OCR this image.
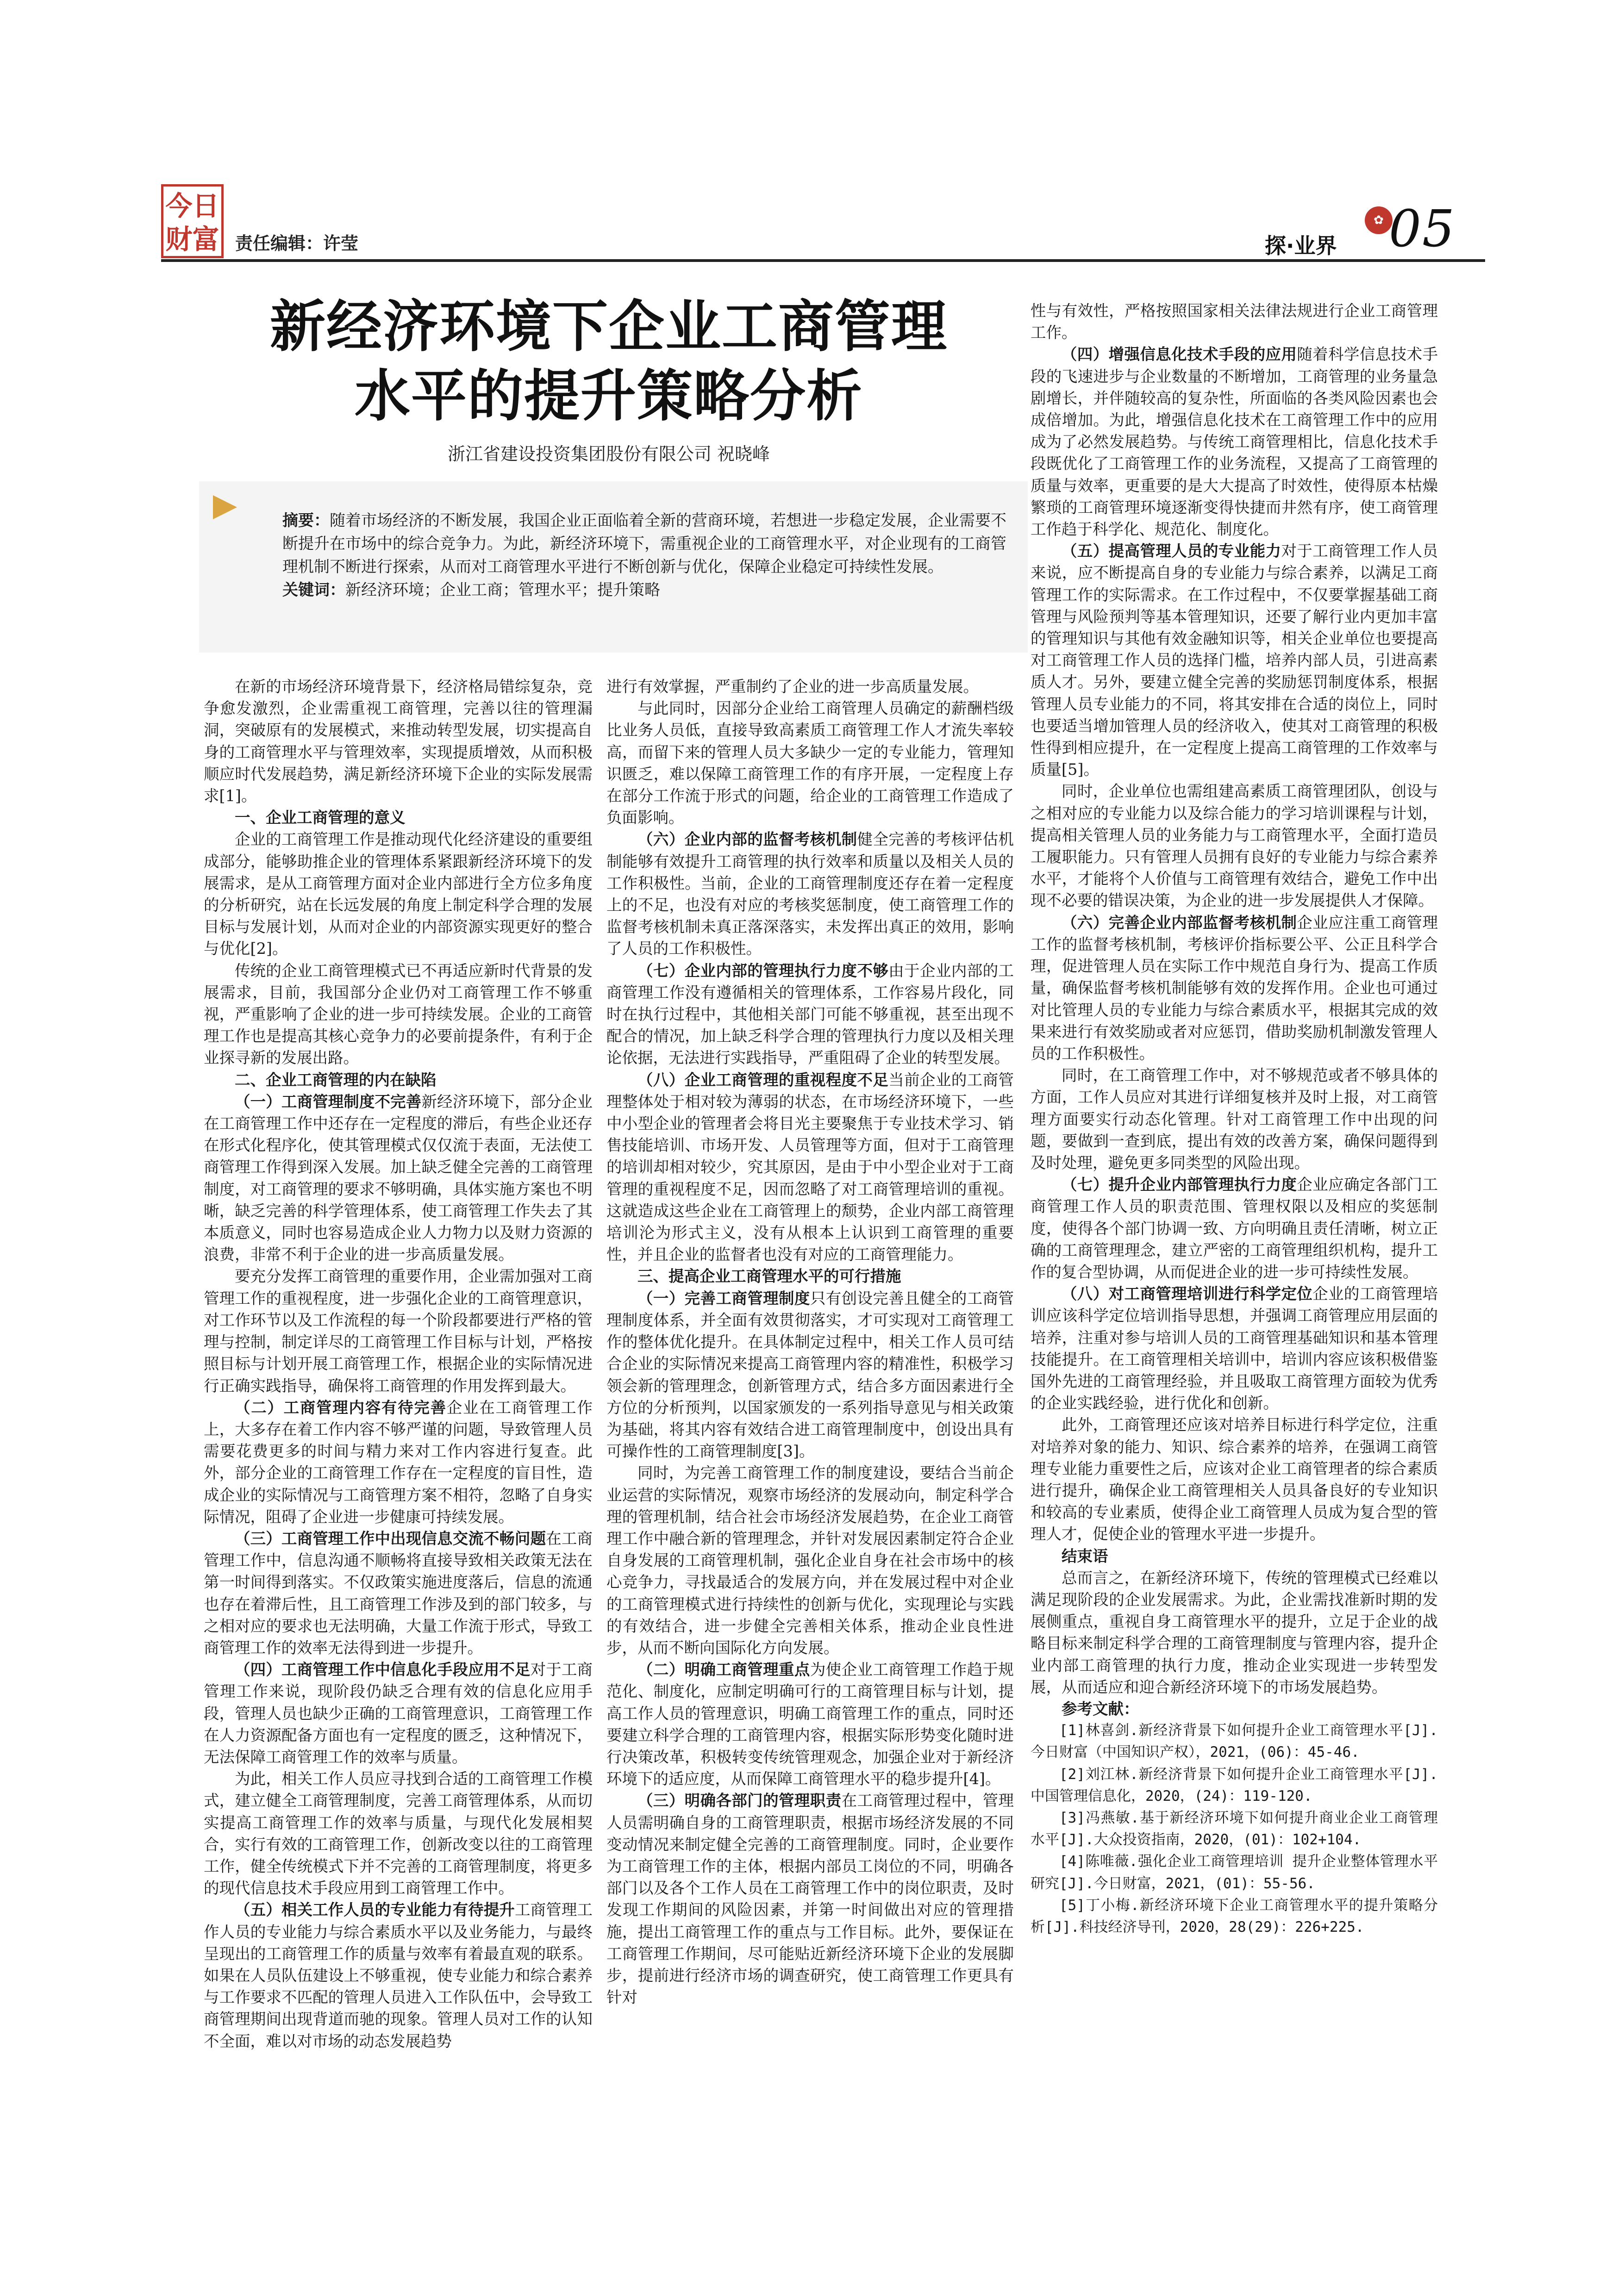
今日
财富 责任编辑：许莹	探·业界
✿ 05
新经济环境下企业工商管理
水平的提升策略分析
浙江省建设投资集团股份有限公司 祝晓峰

摘要：随着市场经济的不断发展，我国企业正面临着全新的营商环境，若想进一步稳定发展，企业需要不断提升在市场中的综合竞争力。为此，新经济环境下，需重视企业的工商管理水平，对企业现有的工商管理机制不断进行探索，从而对工商管理水平进行不断创新与优化，保障企业稳定可持续性发展。

关键词：新经济环境；企业工商；管理水平；提升策略

在新的市场经济环境背景下，经济格局错综复杂，竞争愈发激烈，企业需重视工商管理，完善以往的管理漏洞，突破原有的发展模式，来推动转型发展，切实提高自身的工商管理水平与管理效率，实现提质增效，从而积极顺应时代发展趋势，满足新经济环境下企业的实际发展需求[1]。

一、企业工商管理的意义

企业的工商管理工作是推动现代化经济建设的重要组成部分，能够助推企业的管理体系紧跟新经济环境下的发展需求，是从工商管理方面对企业内部进行全方位多角度的分析研究，站在长远发展的角度上制定科学合理的发展目标与发展计划，从而对企业的内部资源实现更好的整合与优化[2]。

传统的企业工商管理模式已不再适应新时代背景的发展需求，目前，我国部分企业仍对工商管理工作不够重视，严重影响了企业的进一步可持续发展。企业的工商管理工作也是提高其核心竞争力的必要前提条件，有利于企业探寻新的发展出路。

二、企业工商管理的内在缺陷

（一）工商管理制度不完善新经济环境下，部分企业在工商管理工作中还存在一定程度的滞后，有些企业还存在形式化程序化，使其管理模式仅仅流于表面，无法使工商管理工作得到深入发展。加上缺乏健全完善的工商管理制度，对工商管理的要求不够明确，具体实施方案也不明晰，缺乏完善的科学管理体系，使工商管理工作失去了其本质意义，同时也容易造成企业人力物力以及财力资源的浪费，非常不利于企业的进一步高质量发展。

要充分发挥工商管理的重要作用，企业需加强对工商管理工作的重视程度，进一步强化企业的工商管理意识，对工作环节以及工作流程的每一个阶段都要进行严格的管理与控制，制定详尽的工商管理工作目标与计划，严格按照目标与计划开展工商管理工作，根据企业的实际情况进行正确实践指导，确保将工商管理的作用发挥到最大。

（二）工商管理内容有待完善企业在工商管理工作上，大多存在着工作内容不够严谨的问题，导致管理人员需要花费更多的时间与精力来对工作内容进行复查。此外，部分企业的工商管理工作存在一定程度的盲目性，造成企业的实际情况与工商管理方案不相符，忽略了自身实际情况，阻碍了企业进一步健康可持续发展。

（三）工商管理工作中出现信息交流不畅问题在工商管理工作中，信息沟通不顺畅将直接导致相关政策无法在第一时间得到落实。不仅政策实施进度落后，信息的流通也存在着滞后性，且工商管理工作涉及到的部门较多，与之相对应的要求也无法明确，大量工作流于形式，导致工商管理工作的效率无法得到进一步提升。

（四）工商管理工作中信息化手段应用不足对于工商管理工作来说，现阶段仍缺乏合理有效的信息化应用手段，管理人员也缺少正确的工商管理意识，工商管理工作在人力资源配备方面也有一定程度的匮乏，这种情况下，无法保障工商管理工作的效率与质量。

为此，相关工作人员应寻找到合适的工商管理工作模式，建立健全工商管理制度，完善工商管理体系，从而切实提高工商管理工作的效率与质量，与现代化发展相契合，实行有效的工商管理工作，创新改变以往的工商管理工作，健全传统模式下并不完善的工商管理制度，将更多的现代信息技术手段应用到工商管理工作中。

（五）相关工作人员的专业能力有待提升工商管理工作人员的专业能力与综合素质水平以及业务能力，与最终呈现出的工商管理工作的质量与效率有着最直观的联系。如果在人员队伍建设上不够重视，使专业能力和综合素养与工作要求不匹配的管理人员进入工作队伍中，会导致工商管理期间出现背道而驰的现象。管理人员对工作的认知不全面，难以对市场的动态发展趋势

进行有效掌握，严重制约了企业的进一步高质量发展。

与此同时，因部分企业给工商管理人员确定的薪酬档级比业务人员低，直接导致高素质工商管理工作人才流失率较高，而留下来的管理人员大多缺少一定的专业能力，管理知识匮乏，难以保障工商管理工作的有序开展，一定程度上存在部分工作流于形式的问题，给企业的工商管理工作造成了负面影响。

（六）企业内部的监督考核机制健全完善的考核评估机制能够有效提升工商管理的执行效率和质量以及相关人员的工作积极性。当前，企业的工商管理制度还存在着一定程度上的不足，也没有对应的考核奖惩制度，使工商管理工作的监督考核机制未真正落深落实，未发挥出真正的效用，影响了人员的工作积极性。

（七）企业内部的管理执行力度不够由于企业内部的工商管理工作没有遵循相关的管理体系，工作容易片段化，同时在执行过程中，其他相关部门可能不够重视，甚至出现不配合的情况，加上缺乏科学合理的管理执行力度以及相关理论依据，无法进行实践指导，严重阻碍了企业的转型发展。

（八）企业工商管理的重视程度不足当前企业的工商管理整体处于相对较为薄弱的状态，在市场经济环境下，一些中小型企业的管理者会将目光主要聚焦于专业技术学习、销售技能培训、市场开发、人员管理等方面，但对于工商管理的培训却相对较少，究其原因，是由于中小型企业对于工商管理的重视程度不足，因而忽略了对工商管理培训的重视。这就造成这些企业在工商管理上的颓势，企业内部工商管理培训沦为形式主义，没有从根本上认识到工商管理的重要性，并且企业的监督者也没有对应的工商管理能力。

三、提高企业工商管理水平的可行措施

（一）完善工商管理制度只有创设完善且健全的工商管理制度体系，并全面有效贯彻落实，才可实现对工商管理工作的整体优化提升。在具体制定过程中，相关工作人员可结合企业的实际情况来提高工商管理内容的精准性，积极学习领会新的管理理念，创新管理方式，结合多方面因素进行全方位的分析预判，以国家颁发的一系列指导意见与相关政策为基础，将其内容有效结合进工商管理制度中，创设出具有可操作性的工商管理制度[3]。

同时，为完善工商管理工作的制度建设，要结合当前企业运营的实际情况，观察市场经济的发展动向，制定科学合理的管理机制，结合社会市场经济发展趋势，在企业工商管理工作中融合新的管理理念，并针对发展因素制定符合企业自身发展的工商管理机制，强化企业自身在社会市场中的核心竞争力，寻找最适合的发展方向，并在发展过程中对企业的工商管理模式进行持续性的创新与优化，实现理论与实践的有效结合，进一步健全完善相关体系，推动企业良性进步，从而不断向国际化方向发展。

（二）明确工商管理重点为使企业工商管理工作趋于规范化、制度化，应制定明确可行的工商管理目标与计划，提高工作人员的管理意识，明确工商管理工作的重点，同时还要建立科学合理的工商管理内容，根据实际形势变化随时进行决策改革，积极转变传统管理观念，加强企业对于新经济环境下的适应度，从而保障工商管理水平的稳步提升[4]。

（三）明确各部门的管理职责在工商管理过程中，管理人员需明确自身的工商管理职责，根据市场经济发展的不同变动情况来制定健全完善的工商管理制度。同时，企业要作为工商管理工作的主体，根据内部员工岗位的不同，明确各部门以及各个工作人员在工商管理工作中的岗位职责，及时发现工作期间的风险因素，并第一时间做出对应的管理措施，提出工商管理工作的重点与工作目标。此外，要保证在工商管理工作期间，尽可能贴近新经济环境下企业的发展脚步，提前进行经济市场的调查研究，使工商管理工作更具有针对

性与有效性，严格按照国家相关法律法规进行企业工商管理工作。

（四）增强信息化技术手段的应用随着科学信息技术手段的飞速进步与企业数量的不断增加，工商管理的业务量急剧增长，并伴随较高的复杂性，所面临的各类风险因素也会成倍增加。为此，增强信息化技术在工商管理工作中的应用成为了必然发展趋势。与传统工商管理相比，信息化技术手段既优化了工商管理工作的业务流程，又提高了工商管理的质量与效率，更重要的是大大提高了时效性，使得原本枯燥繁琐的工商管理环境逐渐变得快捷而井然有序，使工商管理工作趋于科学化、规范化、制度化。

（五）提高管理人员的专业能力对于工商管理工作人员来说，应不断提高自身的专业能力与综合素养，以满足工商管理工作的实际需求。在工作过程中，不仅要掌握基础工商管理与风险预判等基本管理知识，还要了解行业内更加丰富的管理知识与其他有效金融知识等，相关企业单位也要提高对工商管理工作人员的选择门槛，培养内部人员，引进高素质人才。另外，要建立健全完善的奖励惩罚制度体系，根据管理人员专业能力的不同，将其安排在合适的岗位上，同时也要适当增加管理人员的经济收入，使其对工商管理的积极性得到相应提升，在一定程度上提高工商管理的工作效率与质量[5]。

同时，企业单位也需组建高素质工商管理团队，创设与之相对应的专业能力以及综合能力的学习培训课程与计划，提高相关管理人员的业务能力与工商管理水平，全面打造员工履职能力。只有管理人员拥有良好的专业能力与综合素养水平，才能将个人价值与工商管理有效结合，避免工作中出现不必要的错误决策，为企业的进一步发展提供人才保障。

（六）完善企业内部监督考核机制企业应注重工商管理工作的监督考核机制，考核评价指标要公平、公正且科学合理，促进管理人员在实际工作中规范自身行为、提高工作质量，确保监督考核机制能够有效的发挥作用。企业也可通过对比管理人员的专业能力与综合素质水平，根据其完成的效果来进行有效奖励或者对应惩罚，借助奖励机制激发管理人员的工作积极性。

同时，在工商管理工作中，对不够规范或者不够具体的方面，工作人员应对其进行详细复核并及时上报，对工商管理方面要实行动态化管理。针对工商管理工作中出现的问题，要做到一查到底，提出有效的改善方案，确保问题得到及时处理，避免更多同类型的风险出现。

（七）提升企业内部管理执行力度企业应确定各部门工商管理工作人员的职责范围、管理权限以及相应的奖惩制度，使得各个部门协调一致、方向明确且责任清晰，树立正确的工商管理理念，建立严密的工商管理组织机构，提升工作的复合型协调，从而促进企业的进一步可持续性发展。

（八）对工商管理培训进行科学定位企业的工商管理培训应该科学定位培训指导思想，并强调工商管理应用层面的培养，注重对参与培训人员的工商管理基础知识和基本管理技能提升。在工商管理相关培训中，培训内容应该积极借鉴国外先进的工商管理经验，并且吸取工商管理方面较为优秀的企业实践经验，进行优化和创新。

此外，工商管理还应该对培养目标进行科学定位，注重对培养对象的能力、知识、综合素养的培养，在强调工商管理专业能力重要性之后，应该对企业工商管理者的综合素质进行提升，确保企业工商管理相关人员具备良好的专业知识和较高的专业素质，使得企业工商管理人员成为复合型的管理人才，促使企业的管理水平进一步提升。

结束语

总而言之，在新经济环境下，传统的管理模式已经难以满足现阶段的企业发展需求。为此，企业需找准新时期的发展侧重点，重视自身工商管理水平的提升，立足于企业的战略目标来制定科学合理的工商管理制度与管理内容，提升企业内部工商管理的执行力度，推动企业实现进一步转型发展，从而适应和迎合新经济环境下的市场发展趋势。

参考文献：

[1]林喜剑.新经济背景下如何提升企业工商管理水平[J].今日财富（中国知识产权），2021，(06)：45-46.

[2]刘江林.新经济背景下如何提升企业工商管理水平[J].中国管理信息化，2020，(24)：119-120.

[3]冯燕敏.基于新经济环境下如何提升商业企业工商管理水平[J].大众投资指南，2020，(01)：102+104.

[4]陈唯薇.强化企业工商管理培训 提升企业整体管理水平研究[J].今日财富，2021，(01)：55-56.

[5]丁小梅.新经济环境下企业工商管理水平的提升策略分析[J].科技经济导刊，2020，28(29)：226+225.
